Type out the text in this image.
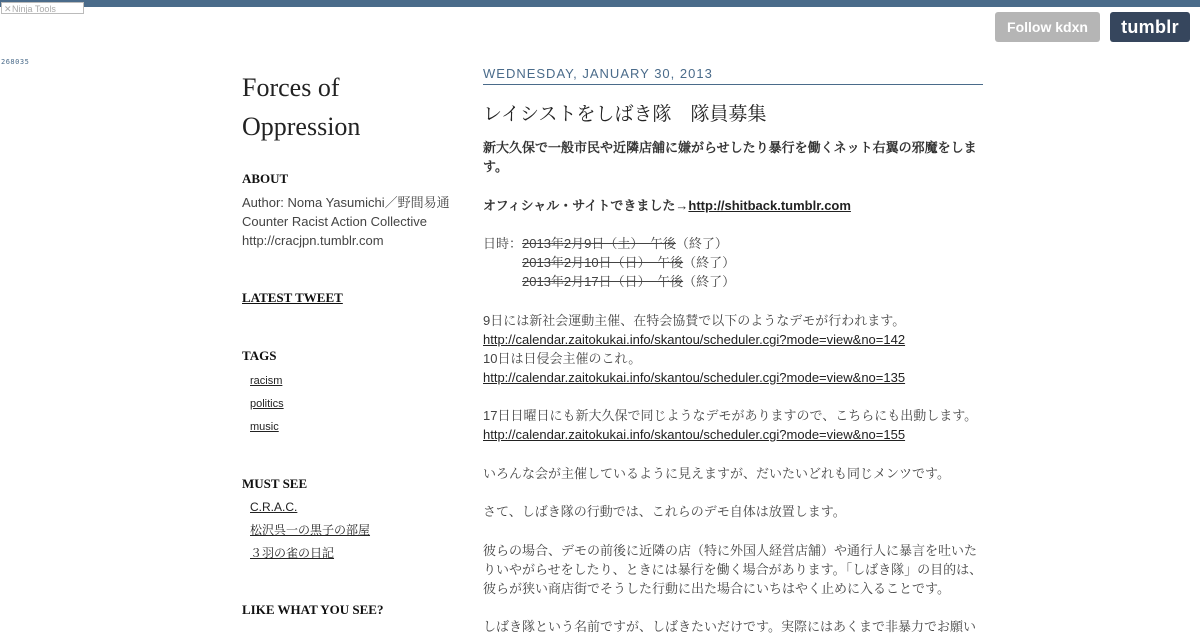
✕Ninja Tools
268035
Follow kdxn	tumblr
Forces of
Oppression
ABOUT
Author: Noma Yasumichi／野間易通
Counter Racist Action Collective
http://cracjpn.tumblr.com
LATEST TWEET
TAGS
racism
politics
music
MUST SEE
C.R.A.C.
松沢呉一の黒子の部屋
３羽の雀の日記
LIKE WHAT YOU SEE?
WEDNESDAY, JANUARY 30, 2013
レイシストをしばき隊　隊員募集

新大久保で一般市民や近隣店舗に嫌がらせしたり暴行を働くネット右翼の邪魔をします。

オフィシャル・サイトできました→http://shitback.tumblr.com

日時：2013年2月9日（土）　午後（終了）
2013年2月10日（日）　午後（終了）
2013年2月17日（日）　午後（終了）
9日には新社会運動主催、在特会協賛で以下のようなデモが行われます。
http://calendar.zaitokukai.info/skantou/scheduler.cgi?mode=view&no=142
10日は日侵会主催のこれ。
http://calendar.zaitokukai.info/skantou/scheduler.cgi?mode=view&no=135
17日日曜日にも新大久保で同じようなデモがありますので、こちらにも出動します。
http://calendar.zaitokukai.info/skantou/scheduler.cgi?mode=view&no=155

いろんな会が主催しているように見えますが、だいたいどれも同じメンツです。

さて、しばき隊の行動では、これらのデモ自体は放置します。

彼らの場合、デモの前後に近隣の店（特に外国人経営店舗）や通行人に暴言を吐いたりいやがらせをしたり、ときには暴行を働く場合があります。「しばき隊」の目的は、彼らが狭い商店街でそうした行動に出た場合にいちはやく止めに入ることです。

しばき隊という名前ですが、しばきたいだけです。実際にはあくまで非暴力でお願い
